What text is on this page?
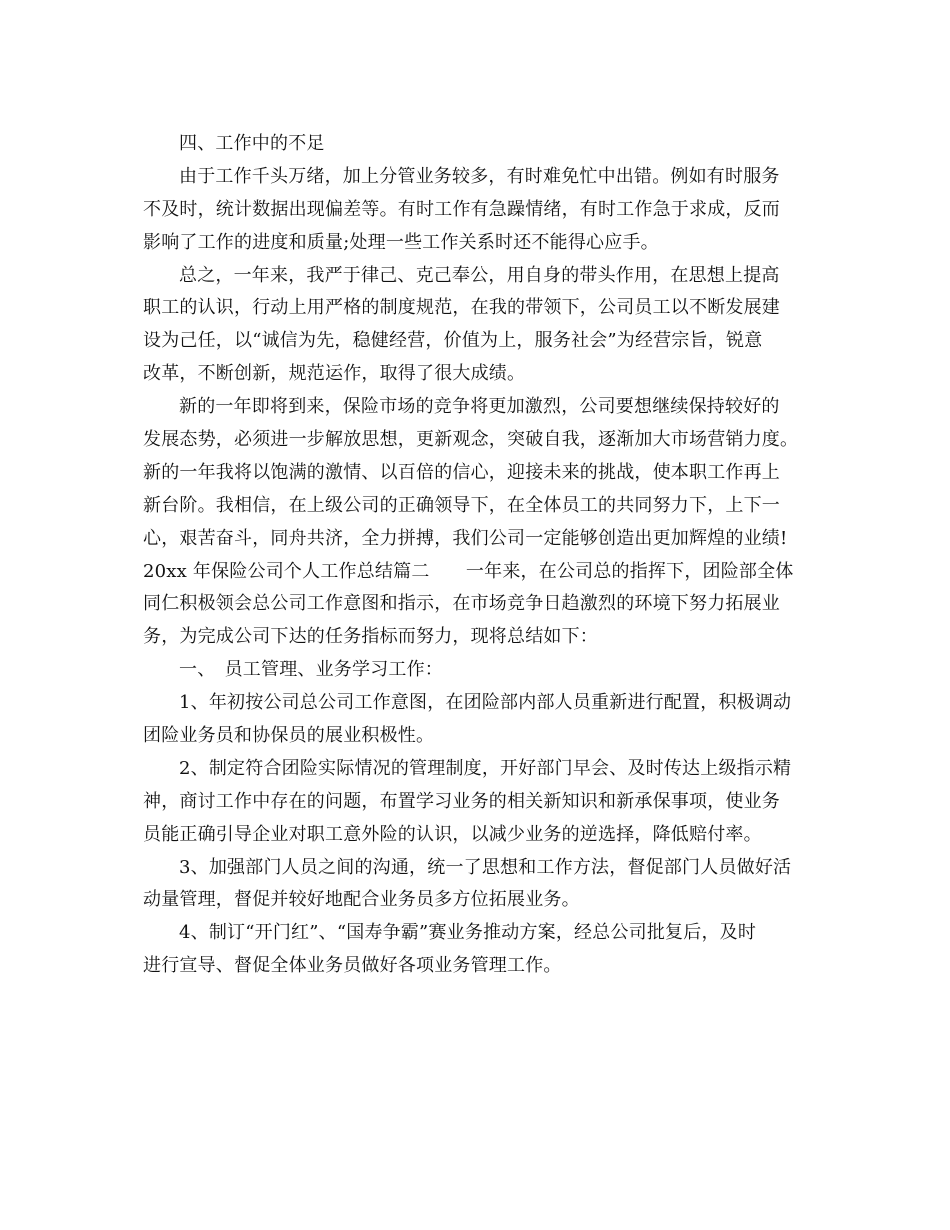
四、工作中的不足
由于工作千头万绪，加上分管业务较多，有时难免忙中出错。例如有时服务
不及时，统计数据出现偏差等。有时工作有急躁情绪，有时工作急于求成，反而
影响了工作的进度和质量;处理一些工作关系时还不能得心应手。
总之，一年来，我严于律己、克己奉公，用自身的带头作用，在思想上提高
职工的认识，行动上用严格的制度规范，在我的带领下，公司员工以不断发展建
设为己任，以“诚信为先，稳健经营，价值为上，服务社会”为经营宗旨，锐意
改革，不断创新，规范运作，取得了很大成绩。
新的一年即将到来，保险市场的竞争将更加激烈，公司要想继续保持较好的
发展态势，必须进一步解放思想，更新观念，突破自我，逐渐加大市场营销力度。
新的一年我将以饱满的激情、以百倍的信心，迎接未来的挑战，使本职工作再上
新台阶。我相信，在上级公司的正确领导下，在全体员工的共同努力下，上下一
心，艰苦奋斗，同舟共济，全力拼搏，我们公司一定能够创造出更加辉煌的业绩!
20xx 年保险公司个人工作总结篇二　　一年来，在公司总的指挥下，团险部全体
同仁积极领会总公司工作意图和指示，在市场竞争日趋激烈的环境下努力拓展业
务，为完成公司下达的任务指标而努力，现将总结如下：
一、　员工管理、业务学习工作：
1、年初按公司总公司工作意图，在团险部内部人员重新进行配置，积极调动
团险业务员和协保员的展业积极性。
2、制定符合团险实际情况的管理制度，开好部门早会、及时传达上级指示精
神，商讨工作中存在的问题，布置学习业务的相关新知识和新承保事项，使业务
员能正确引导企业对职工意外险的认识，以减少业务的逆选择，降低赔付率。
3、加强部门人员之间的沟通，统一了思想和工作方法，督促部门人员做好活
动量管理，督促并较好地配合业务员多方位拓展业务。
4、制订“开门红”、“国寿争霸”赛业务推动方案，经总公司批复后，及时
进行宣导、督促全体业务员做好各项业务管理工作。
